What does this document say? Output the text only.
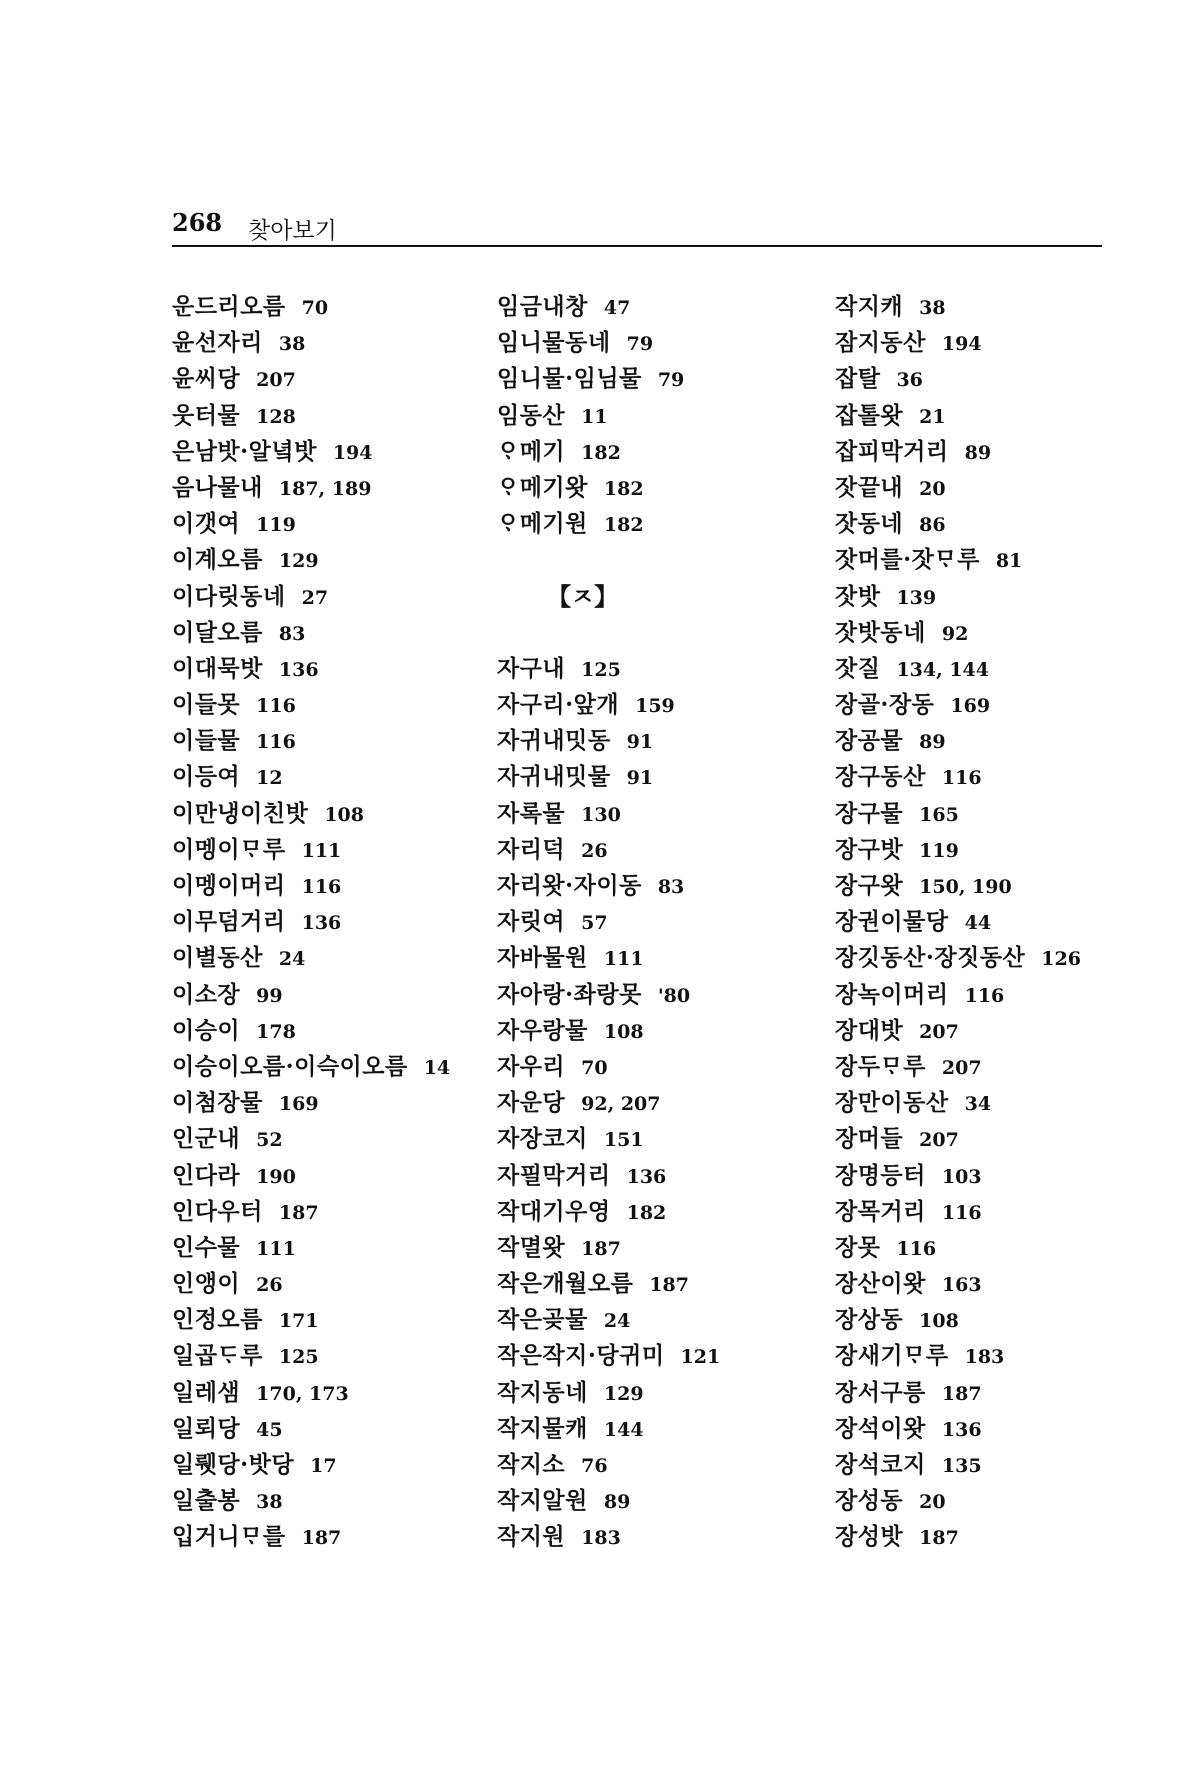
268 찾아보기
운드리오름 70
윤선자리 38
윤씨당 207
웃터물 128
은남밧·알녘밧 194
음나물내 187, 189
이갯여 119
이계오름 129
이다릿동네 27
이달오름 83
이대묵밧 136
이들못 116
이들물 116
이등여 12
이만냉이친밧 108
이멩이ᄆᆞ루 111
이멩이머리 116
이무덤거리 136
이별동산 24
이소장 99
이승이 178
이승이오름·이슥이오름 14
이첨장물 169
인군내 52
인다라 190
인다우터 187
인수물 111
인앵이 26
인정오름 171
일곱ᄃᆞ루 125
일레샘 170, 173
일뢰당 45
일뤳당·밧당 17
일출봉 38
입거니ᄆᆞ를 187
임금내창 47
임니물동네 79
임니물·임님물 79
임동산 11
ᄋᆞ메기 182
ᄋᆞ메기왓 182
ᄋᆞ메기원 182
【ㅈ】
자구내 125
자구리·앞개 159
자귀내밋동 91
자귀내밋물 91
자록물 130
자리덕 26
자리왓·자이동 83
자릿여 57
자바물원 111
자아랑·좌랑못 '80
자우랑물 108
자우리 70
자운당 92, 207
자장코지 151
자필막거리 136
작대기우영 182
작멸왓 187
작은개월오름 187
작은곶물 24
작은작지·당귀미 121
작지동네 129
작지물캐 144
작지소 76
작지알원 89
작지원 183
작지캐 38
잠지동산 194
잡탈 36
잡톨왓 21
잡피막거리 89
잣끝내 20
잣동네 86
잣머를·잣ᄆᆞ루 81
잣밧 139
잣밧동네 92
잣질 134, 144
장골·장동 169
장공물 89
장구동산 116
장구물 165
장구밧 119
장구왓 150, 190
장권이물당 44
장깃동산·장짓동산 126
장녹이머리 116
장대밧 207
장두ᄆᆞ루 207
장만이동산 34
장머들 207
장명등터 103
장목거리 116
장못 116
장산이왓 163
장상동 108
장새기ᄆᆞ루 183
장서구릉 187
장석이왓 136
장석코지 135
장성동 20
장성밧 187
